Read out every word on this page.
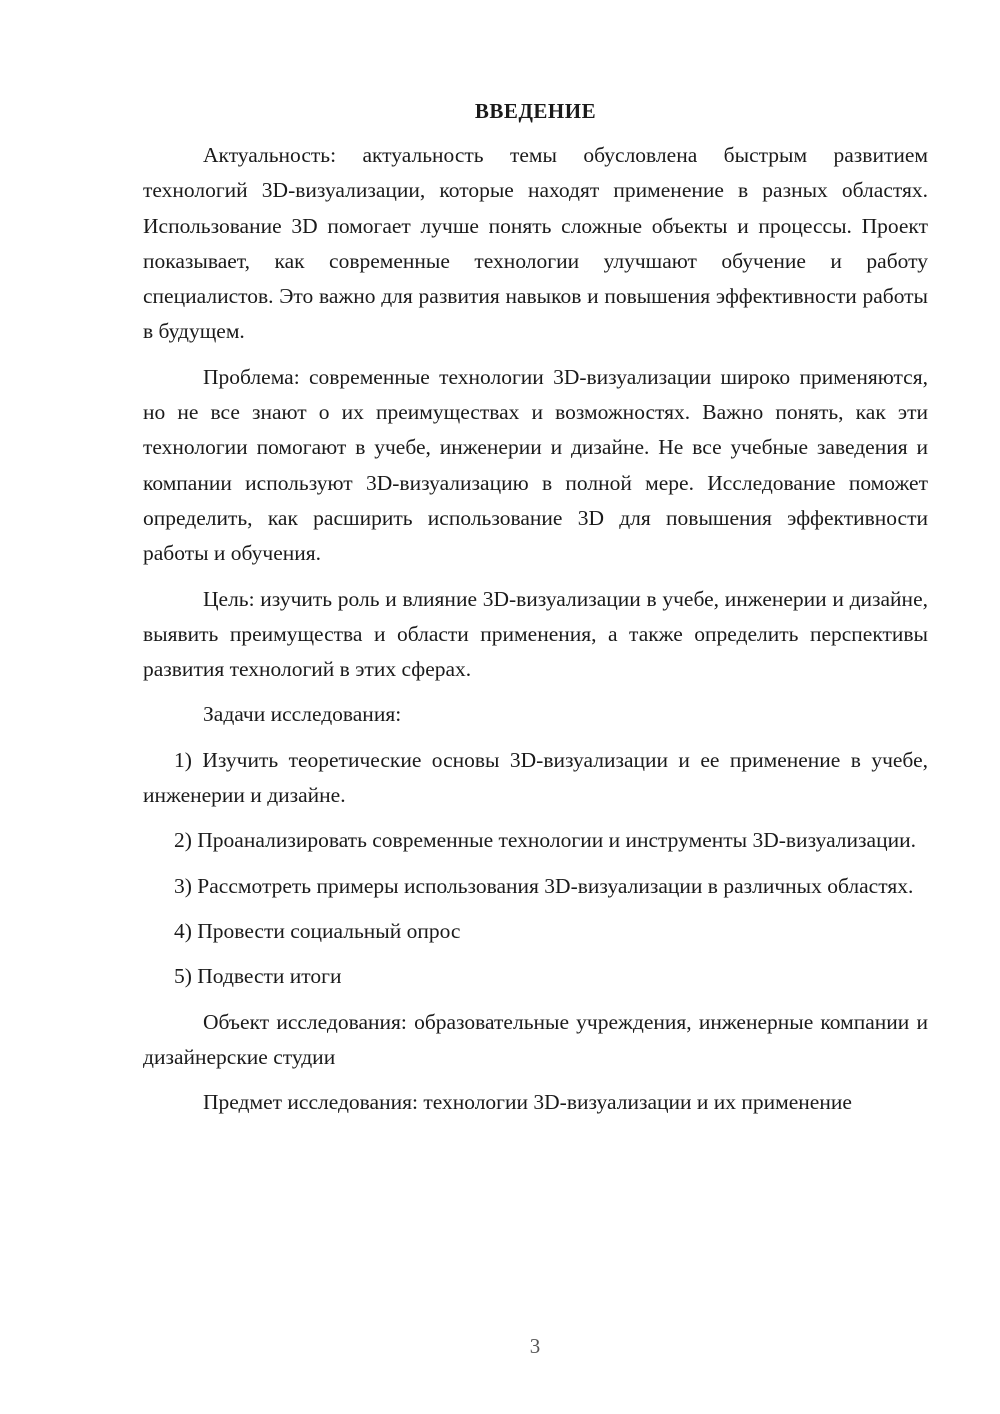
ВВЕДЕНИЕ

Актуальность: актуальность темы обусловлена быстрым развитием технологий 3D-визуализации, которые находят применение в разных областях. Использование 3D помогает лучше понять сложные объекты и процессы. Проект показывает, как современные технологии улучшают обучение и работу специалистов. Это важно для развития навыков и повышения эффективности работы в будущем.

Проблема: современные технологии 3D-визуализации широко применяются, но не все знают о их преимуществах и возможностях. Важно понять, как эти технологии помогают в учебе, инженерии и дизайне. Не все учебные заведения и компании используют 3D-визуализацию в полной мере. Исследование поможет определить, как расширить использование 3D для повышения эффективности работы и обучения.

Цель: изучить роль и влияние 3D-визуализации в учебе, инженерии и дизайне, выявить преимущества и области применения, а также определить перспективы развития технологий в этих сферах.

Задачи исследования:

1) Изучить теоретические основы 3D-визуализации и ее применение в учебе, инженерии и дизайне.

2) Проанализировать современные технологии и инструменты 3D-визуализации.

3) Рассмотреть примеры использования 3D-визуализации в различных областях.

4) Провести социальный опрос

5) Подвести итоги

Объект исследования: образовательные учреждения, инженерные компании и дизайнерские студии

Предмет исследования: технологии 3D-визуализации и их применение

3
